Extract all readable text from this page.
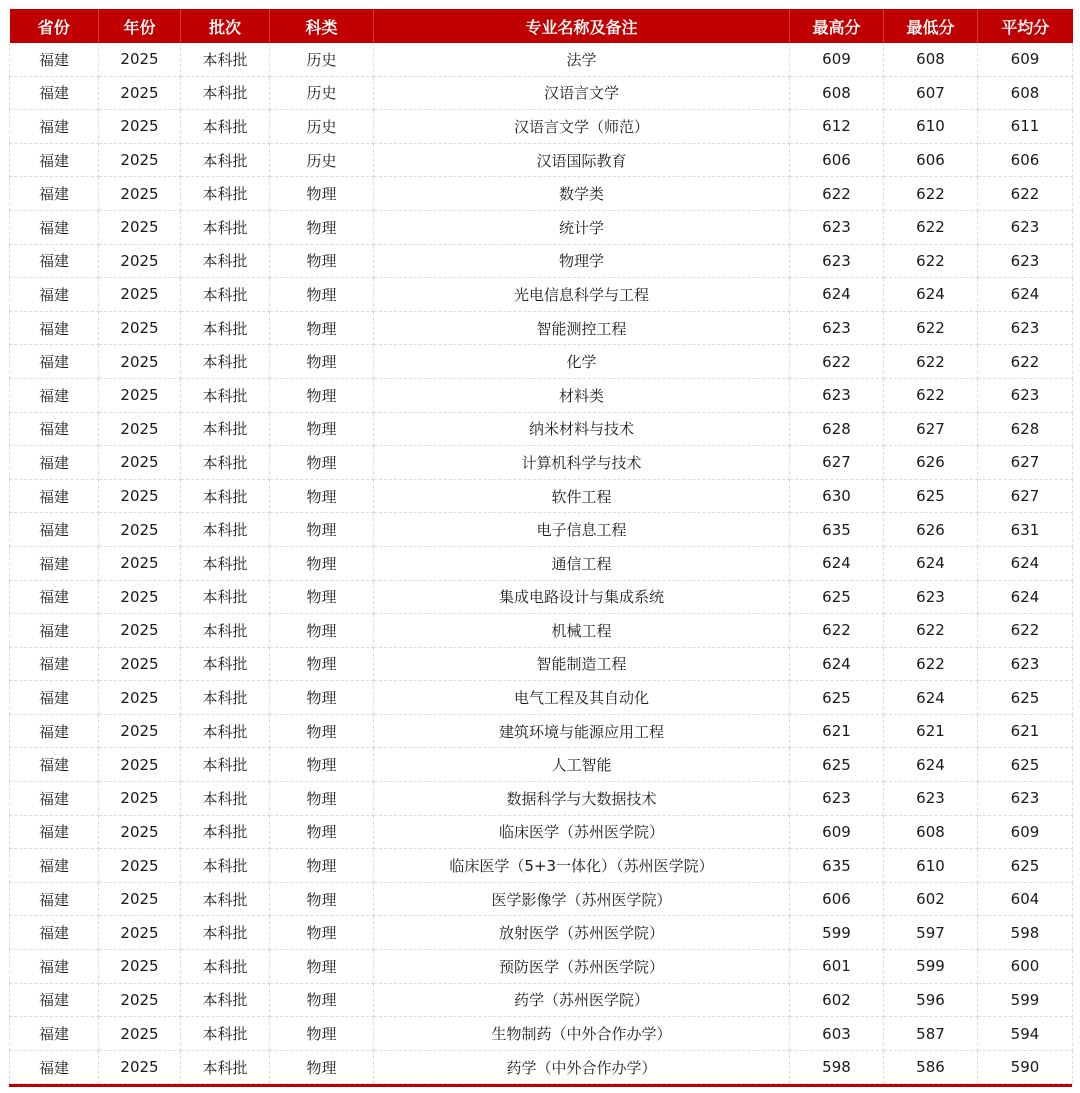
省份	年份	批次	科类	专业名称及备注	最高分	最低分	平均分
福建	2025	本科批	历史	法学	609	608	609
福建	2025	本科批	历史	汉语言文学	608	607	608
福建	2025	本科批	历史	汉语言文学（师范）	612	610	611
福建	2025	本科批	历史	汉语国际教育	606	606	606
福建	2025	本科批	物理	数学类	622	622	622
福建	2025	本科批	物理	统计学	623	622	623
福建	2025	本科批	物理	物理学	623	622	623
福建	2025	本科批	物理	光电信息科学与工程	624	624	624
福建	2025	本科批	物理	智能测控工程	623	622	623
福建	2025	本科批	物理	化学	622	622	622
福建	2025	本科批	物理	材料类	623	622	623
福建	2025	本科批	物理	纳米材料与技术	628	627	628
福建	2025	本科批	物理	计算机科学与技术	627	626	627
福建	2025	本科批	物理	软件工程	630	625	627
福建	2025	本科批	物理	电子信息工程	635	626	631
福建	2025	本科批	物理	通信工程	624	624	624
福建	2025	本科批	物理	集成电路设计与集成系统	625	623	624
福建	2025	本科批	物理	机械工程	622	622	622
福建	2025	本科批	物理	智能制造工程	624	622	623
福建	2025	本科批	物理	电气工程及其自动化	625	624	625
福建	2025	本科批	物理	建筑环境与能源应用工程	621	621	621
福建	2025	本科批	物理	人工智能	625	624	625
福建	2025	本科批	物理	数据科学与大数据技术	623	623	623
福建	2025	本科批	物理	临床医学（苏州医学院）	609	608	609
福建	2025	本科批	物理	临床医学（5+3一体化）（苏州医学院）	635	610	625
福建	2025	本科批	物理	医学影像学（苏州医学院）	606	602	604
福建	2025	本科批	物理	放射医学（苏州医学院）	599	597	598
福建	2025	本科批	物理	预防医学（苏州医学院）	601	599	600
福建	2025	本科批	物理	药学（苏州医学院）	602	596	599
福建	2025	本科批	物理	生物制药（中外合作办学）	603	587	594
福建	2025	本科批	物理	药学（中外合作办学）	598	586	590
